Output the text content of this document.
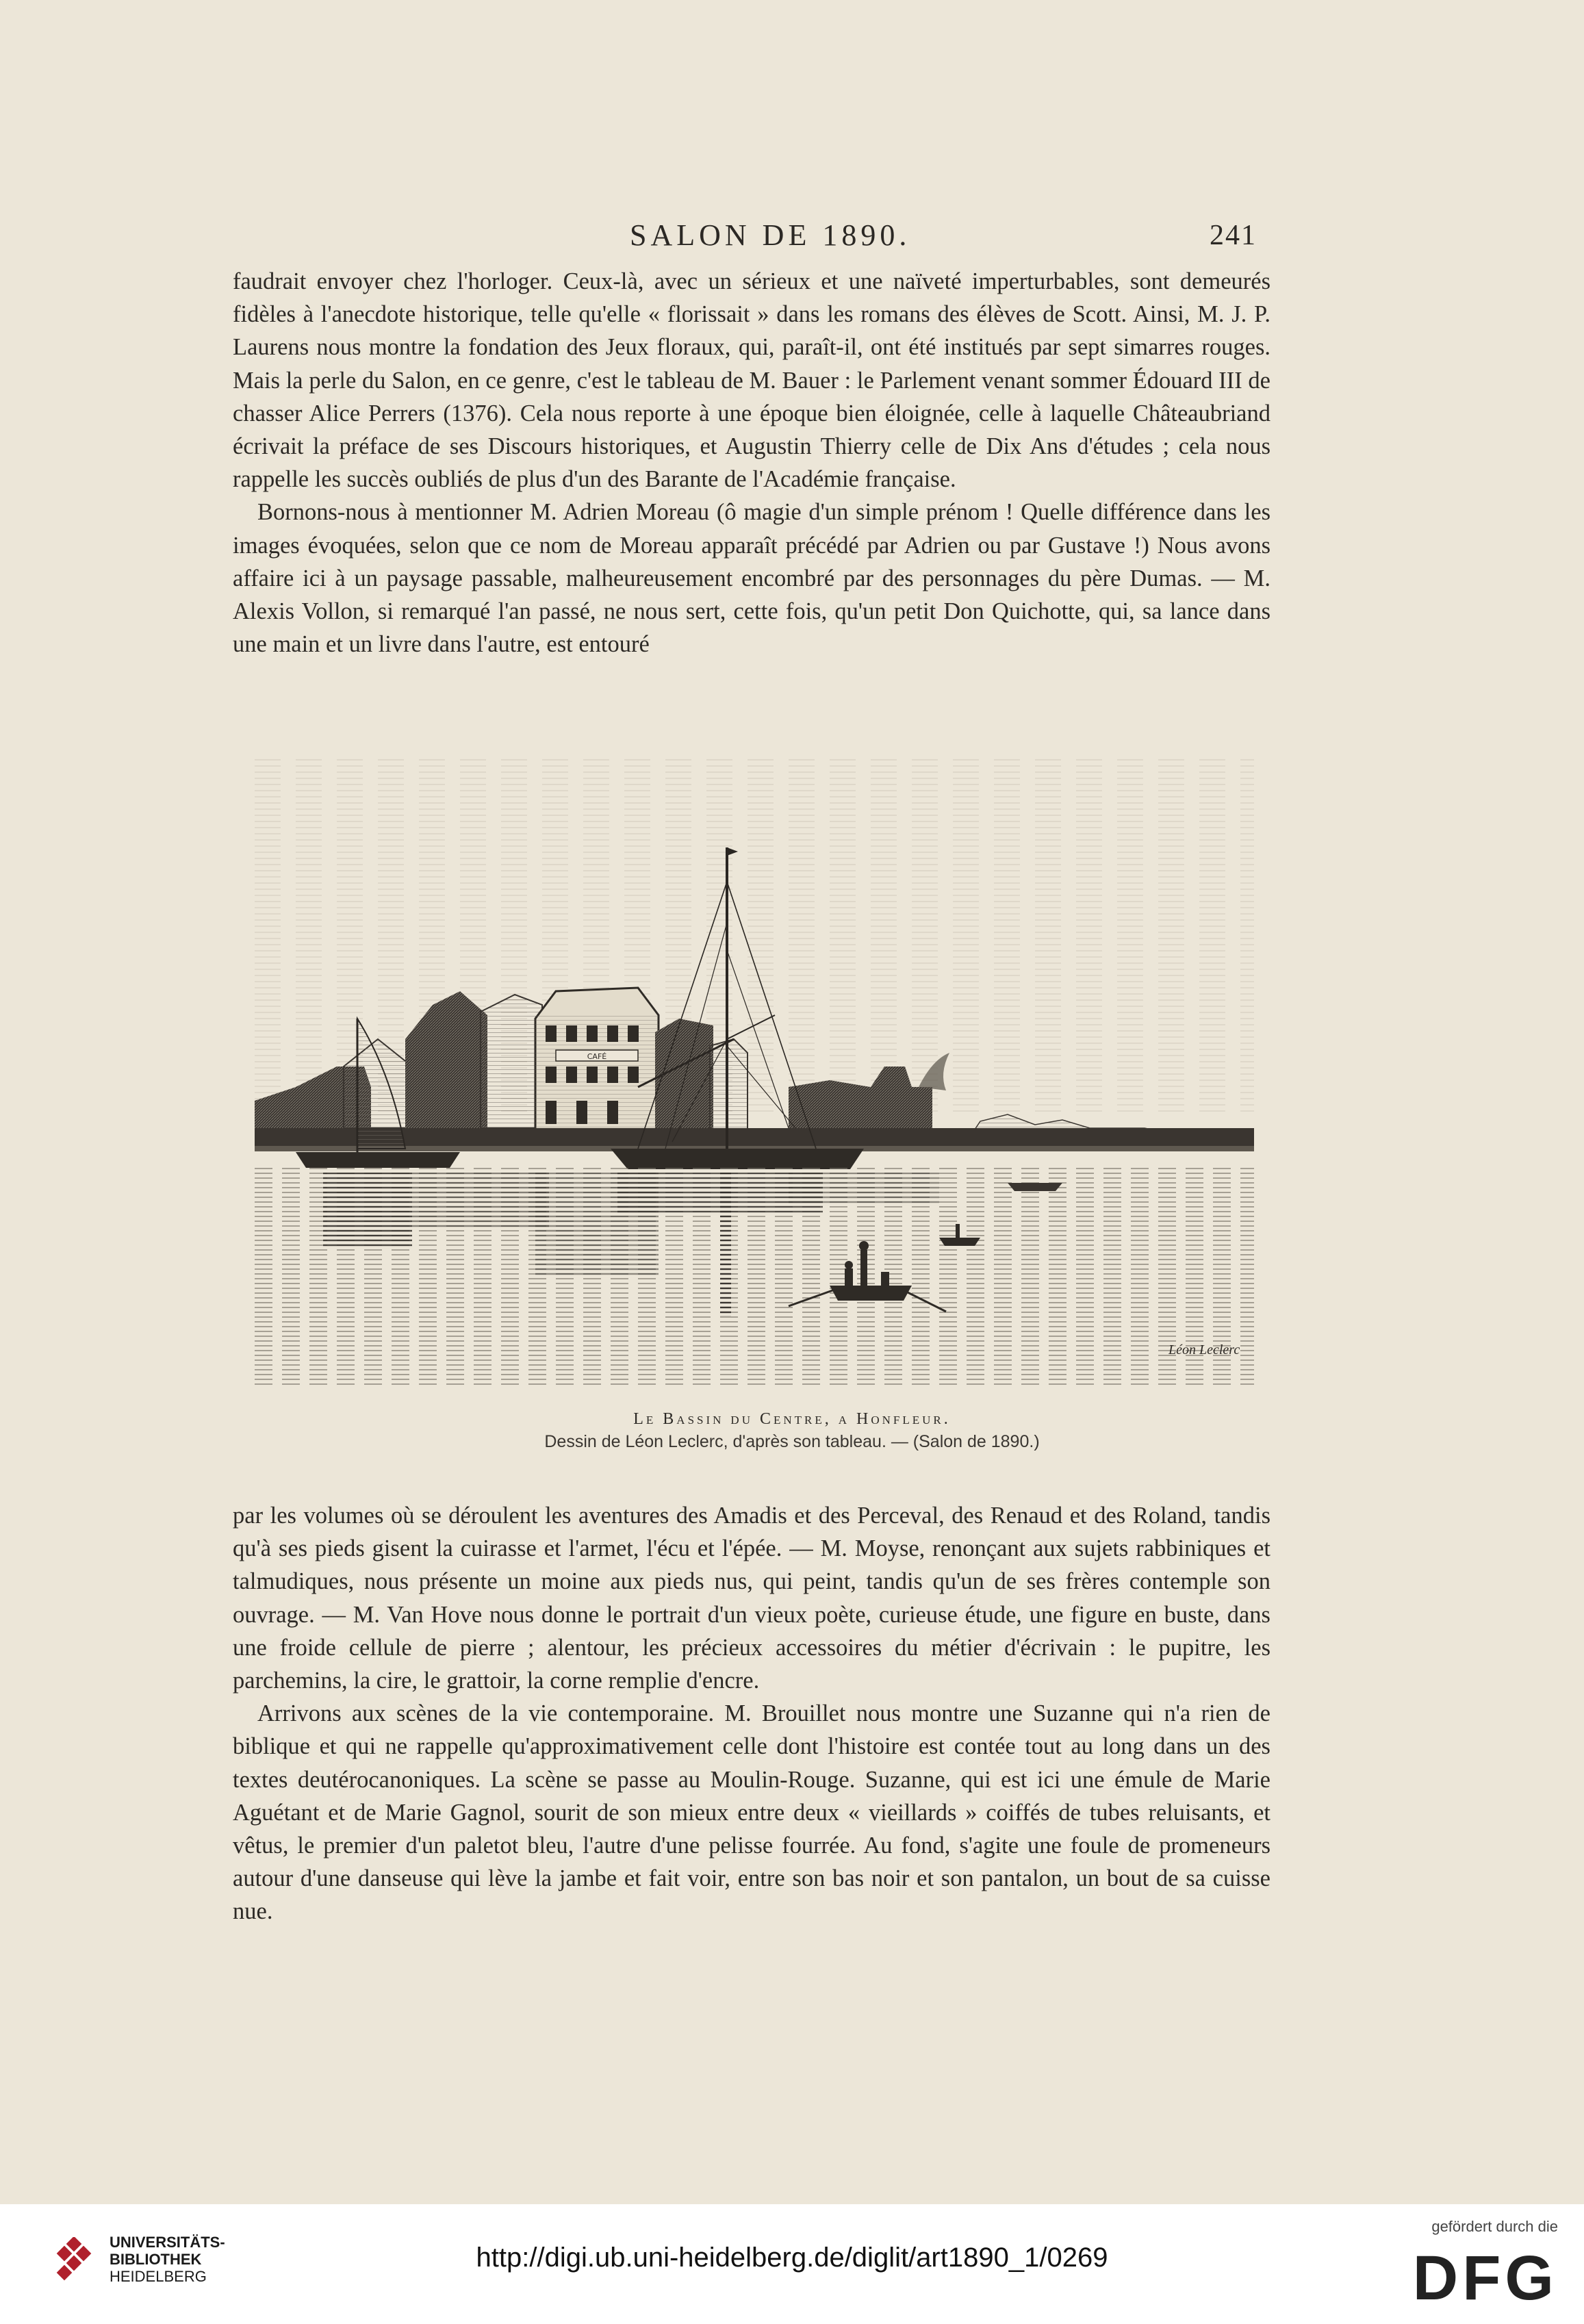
SALON DE 1890.	241

faudrait envoyer chez l'horloger. Ceux-là, avec un sérieux et une naïveté imperturbables, sont demeurés fidèles à l'anecdote historique, telle qu'elle « florissait » dans les romans des élèves de Scott. Ainsi, M. J. P. Laurens nous montre la fondation des Jeux floraux, qui, paraît-il, ont été institués par sept simarres rouges. Mais la perle du Salon, en ce genre, c'est le tableau de M. Bauer : le Parlement venant sommer Édouard III de chasser Alice Perrers (1376). Cela nous reporte à une époque bien éloignée, celle à laquelle Châteaubriand écrivait la préface de ses Discours historiques, et Augustin Thierry celle de Dix Ans d'études ; cela nous rappelle les succès oubliés de plus d'un des Barante de l'Académie française.

Bornons-nous à mentionner M. Adrien Moreau (ô magie d'un simple prénom ! Quelle différence dans les images évoquées, selon que ce nom de Moreau apparaît précédé par Adrien ou par Gustave !) Nous avons affaire ici à un paysage passable, malheureusement encombré par des personnages du père Dumas. — M. Alexis Vollon, si remarqué l'an passé, ne nous sert, cette fois, qu'un petit Don Quichotte, qui, sa lance dans une main et un livre dans l'autre, est entouré

CAFÉ
Léon Leclerc
Le Bassin du Centre, a Honfleur.
Dessin de Léon Leclerc, d'après son tableau. — (Salon de 1890.)

par les volumes où se déroulent les aventures des Amadis et des Perceval, des Renaud et des Roland, tandis qu'à ses pieds gisent la cuirasse et l'armet, l'écu et l'épée. — M. Moyse, renonçant aux sujets rabbiniques et talmudiques, nous présente un moine aux pieds nus, qui peint, tandis qu'un de ses frères contemple son ouvrage. — M. Van Hove nous donne le portrait d'un vieux poète, curieuse étude, une figure en buste, dans une froide cellule de pierre ; alentour, les précieux accessoires du métier d'écrivain : le pupitre, les parchemins, la cire, le grattoir, la corne remplie d'encre.

Arrivons aux scènes de la vie contemporaine. M. Brouillet nous montre une Suzanne qui n'a rien de biblique et qui ne rappelle qu'approximativement celle dont l'histoire est contée tout au long dans un des textes deutérocanoniques. La scène se passe au Moulin-Rouge. Suzanne, qui est ici une émule de Marie Aguétant et de Marie Gagnol, sourit de son mieux entre deux « vieillards » coiffés de tubes reluisants, et vêtus, le premier d'un paletot bleu, l'autre d'une pelisse fourrée. Au fond, s'agite une foule de promeneurs autour d'une danseuse qui lève la jambe et fait voir, entre son bas noir et son pantalon, un bout de sa cuisse nue.

UNIVERSITÄTS-
BIBLIOTHEK
HEIDELBERG
http://digi.ub.uni-heidelberg.de/diglit/art1890_1/0269
gefördert durch die
DFG
